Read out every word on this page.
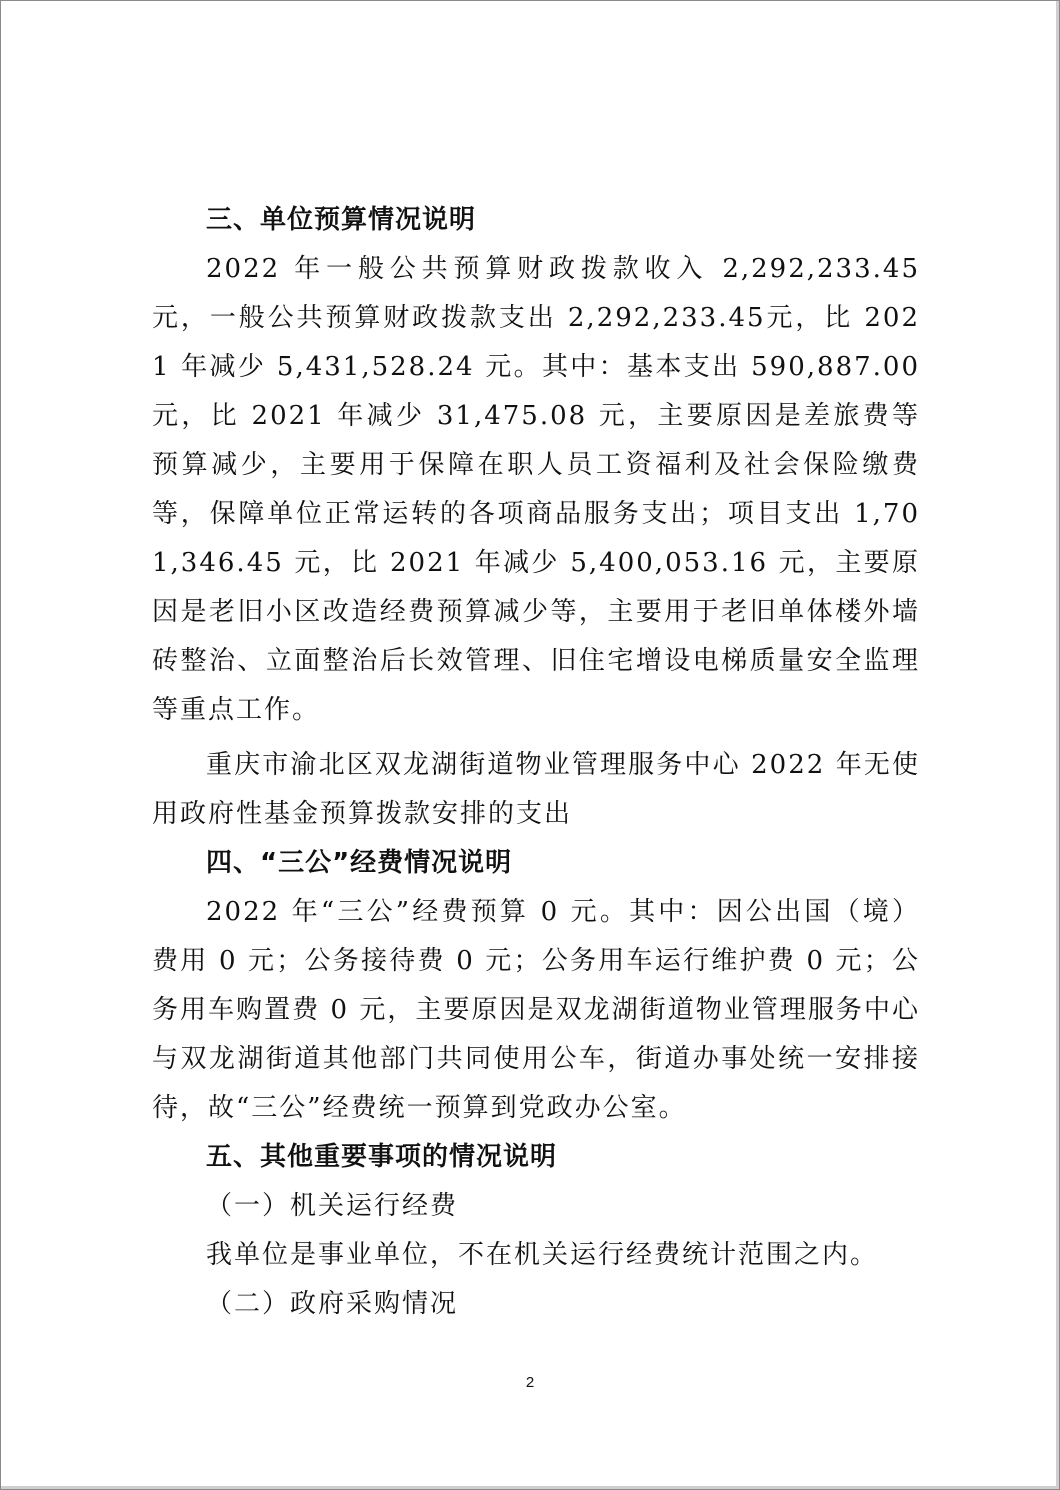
三、单位预算情况说明

2022 年一般公共预算财政拨款收入 2,292,233.45 元，一般公共预算财政拨款支出 2,292,233.45元，比 2021 年减少 5,431,528.24 元。其中：基本支出 590,887.00 元，比 2021 年减少 31,475.08 元，主要原因是差旅费等预算减少，主要用于保障在职人员工资福利及社会保险缴费等，保障单位正常运转的各项商品服务支出；项目支出 1,701,346.45 元，比 2021 年减少 5,400,053.16 元，主要原因是老旧小区改造经费预算减少等，主要用于老旧单体楼外墙砖整治、立面整治后长效管理、旧住宅增设电梯质量安全监理等重点工作。

重庆市渝北区双龙湖街道物业管理服务中心 2022 年无使用政府性基金预算拨款安排的支出

四、“三公”经费情况说明

2022 年“三公”经费预算 0 元。其中：因公出国（境）费用 0 元；公务接待费 0 元；公务用车运行维护费 0 元；公务用车购置费 0 元，主要原因是双龙湖街道物业管理服务中心与双龙湖街道其他部门共同使用公车，街道办事处统一安排接待，故“三公”经费统一预算到党政办公室。

五、其他重要事项的情况说明

（一）机关运行经费

我单位是事业单位，不在机关运行经费统计范围之内。

（二）政府采购情况

2
